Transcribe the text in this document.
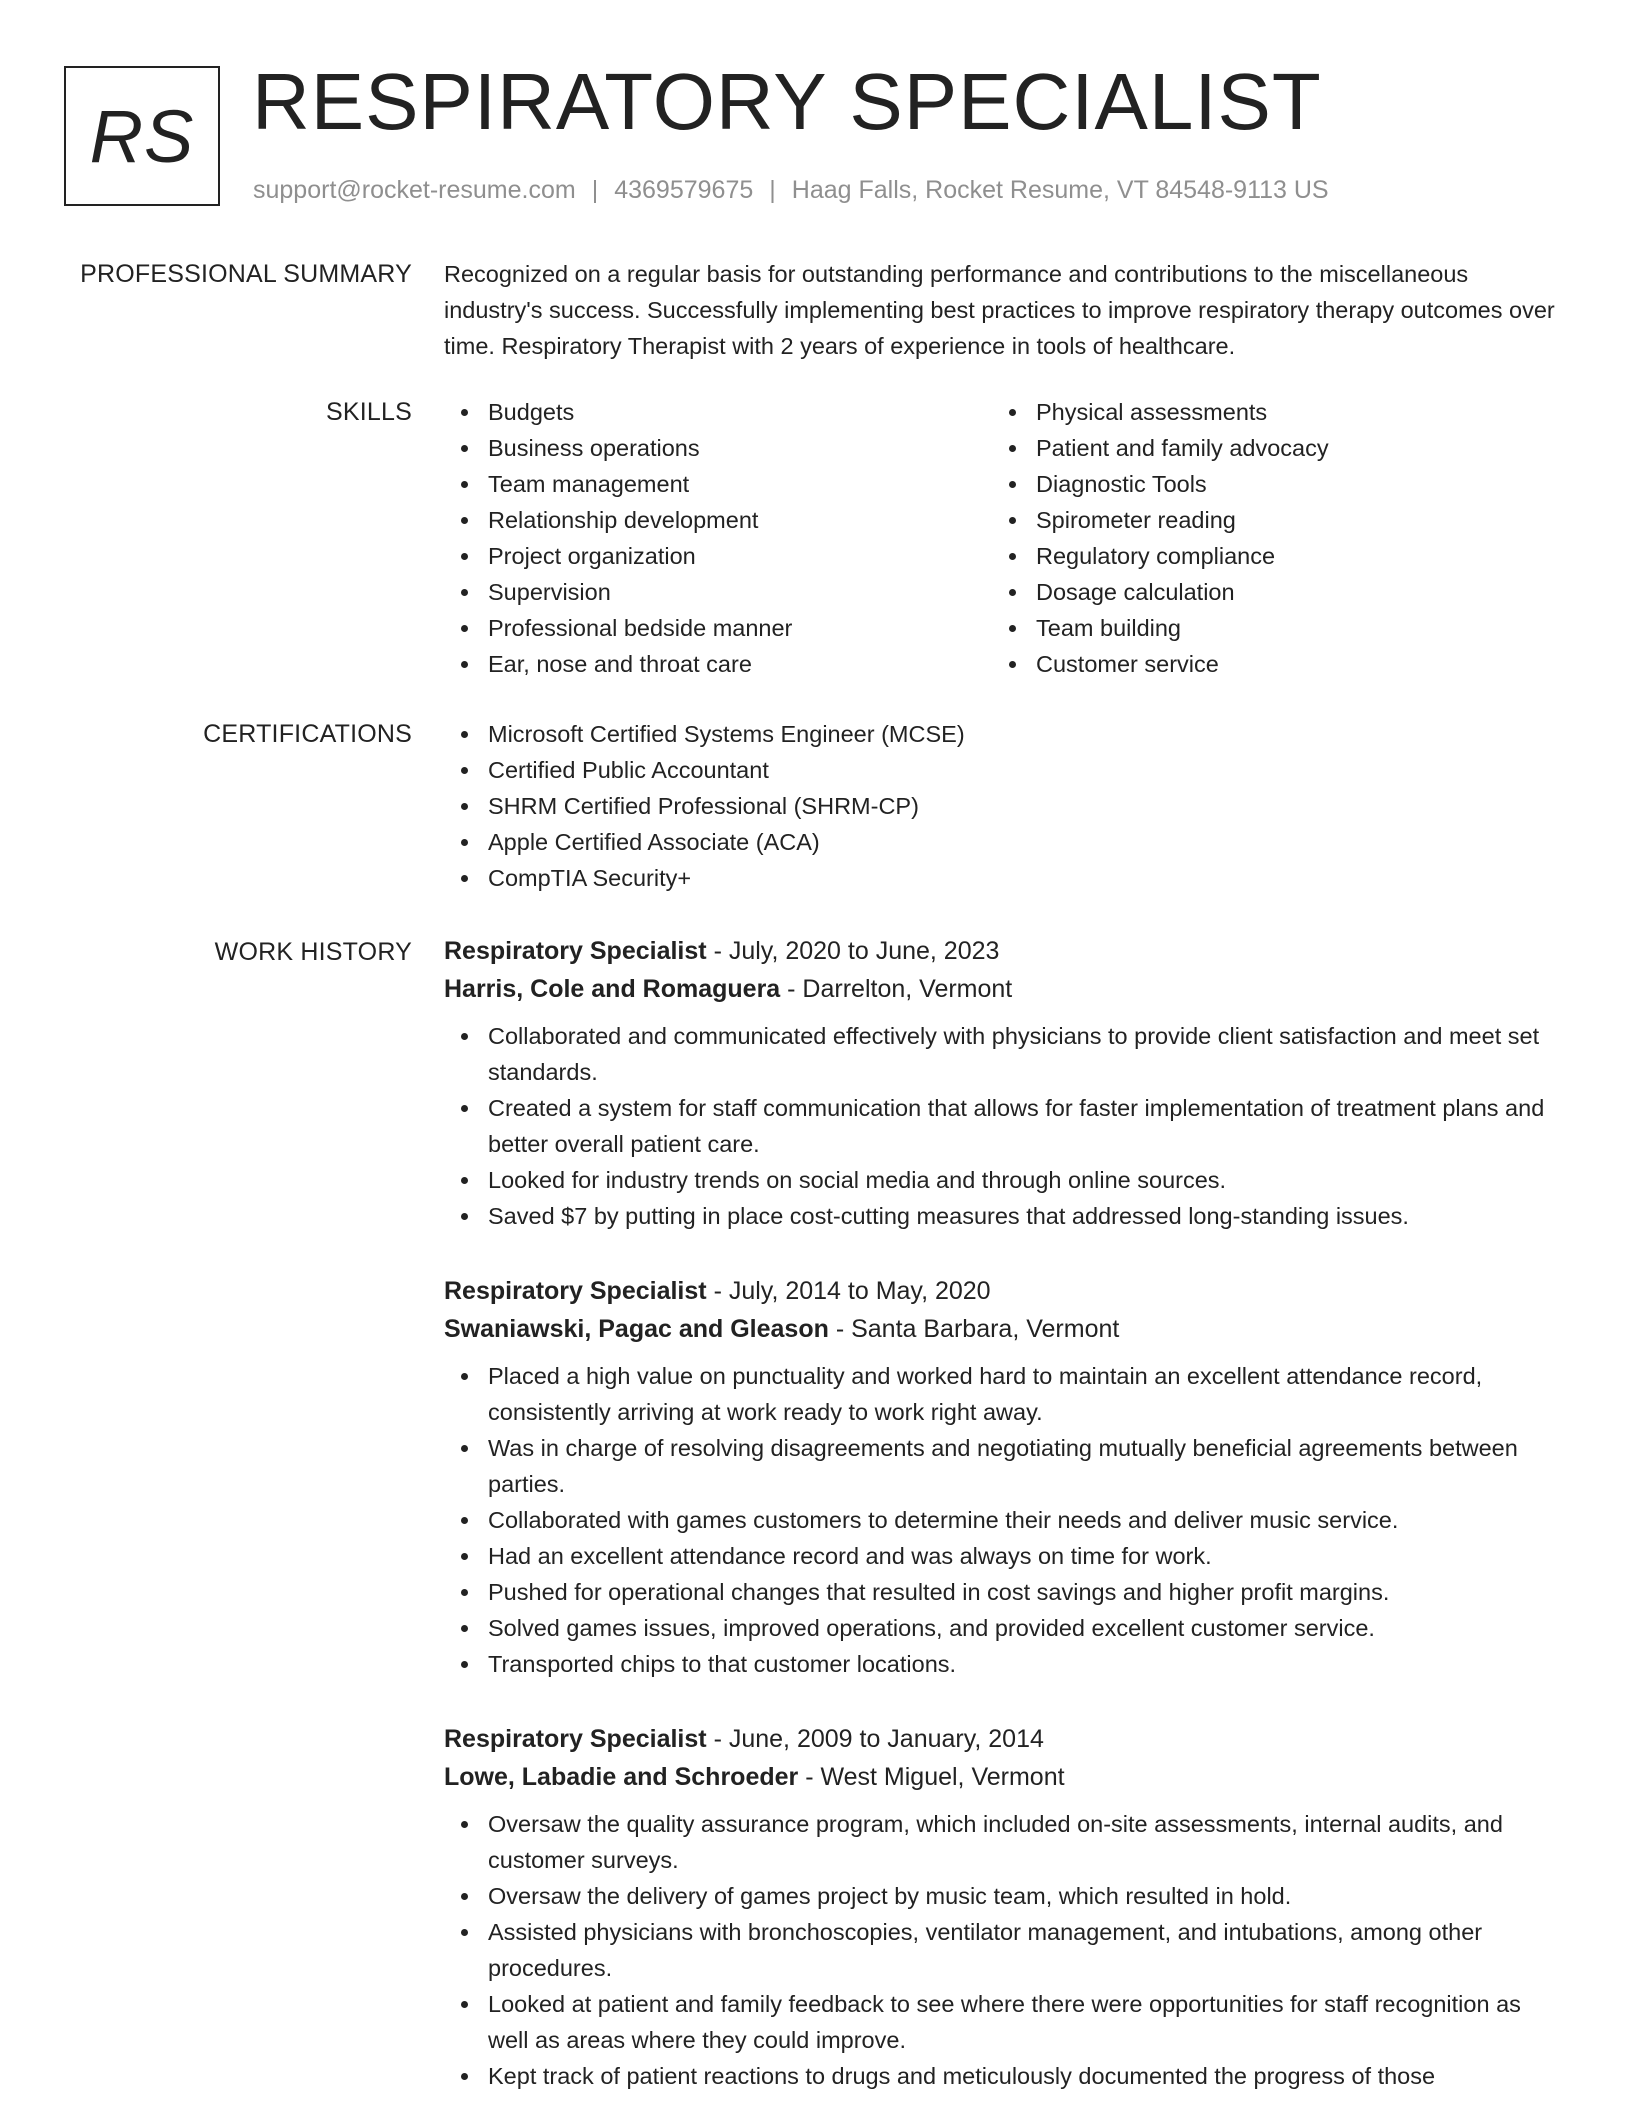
RS RESPIRATORY SPECIALIST
support@rocket-resume.com | 4369579675 | Haag Falls, Rocket Resume, VT 84548-9113 US
PROFESSIONAL SUMMARY Recognized on a regular basis for outstanding performance and contributions to the miscellaneous industry's success. Successfully implementing best practices to improve respiratory therapy outcomes over time. Respiratory Therapist with 2 years of experience in tools of healthcare.

SKILLS	Budgets
Business operations
Team management
Relationship development
Project organization
Supervision
Professional bedside manner
Ear, nose and throat care
Physical assessments
Patient and family advocacy
Diagnostic Tools
Spirometer reading
Regulatory compliance
Dosage calculation
Team building
Customer service
CERTIFICATIONS	Microsoft Certified Systems Engineer (MCSE)
Certified Public Accountant
SHRM Certified Professional (SHRM-CP)
Apple Certified Associate (ACA)
CompTIA Security+
WORK HISTORY Respiratory Specialist - July, 2020 to June, 2023
Harris, Cole and Romaguera - Darrelton, Vermont
Collaborated and communicated effectively with physicians to provide client satisfaction and meet set standards.
Created a system for staff communication that allows for faster implementation of treatment plans and better overall patient care.
Looked for industry trends on social media and through online sources.
Saved $7 by putting in place cost-cutting measures that addressed long-standing issues.
Respiratory Specialist - July, 2014 to May, 2020
Swaniawski, Pagac and Gleason - Santa Barbara, Vermont
Placed a high value on punctuality and worked hard to maintain an excellent attendance record, consistently arriving at work ready to work right away.
Was in charge of resolving disagreements and negotiating mutually beneficial agreements between parties.
Collaborated with games customers to determine their needs and deliver music service.
Had an excellent attendance record and was always on time for work.
Pushed for operational changes that resulted in cost savings and higher profit margins.
Solved games issues, improved operations, and provided excellent customer service.
Transported chips to that customer locations.
Respiratory Specialist - June, 2009 to January, 2014
Lowe, Labadie and Schroeder - West Miguel, Vermont
Oversaw the quality assurance program, which included on-site assessments, internal audits, and customer surveys.
Oversaw the delivery of games project by music team, which resulted in hold.
Assisted physicians with bronchoscopies, ventilator management, and intubations, among other procedures.
Looked at patient and family feedback to see where there were opportunities for staff recognition as well as areas where they could improve.
Kept track of patient reactions to drugs and meticulously documented the progress of those
